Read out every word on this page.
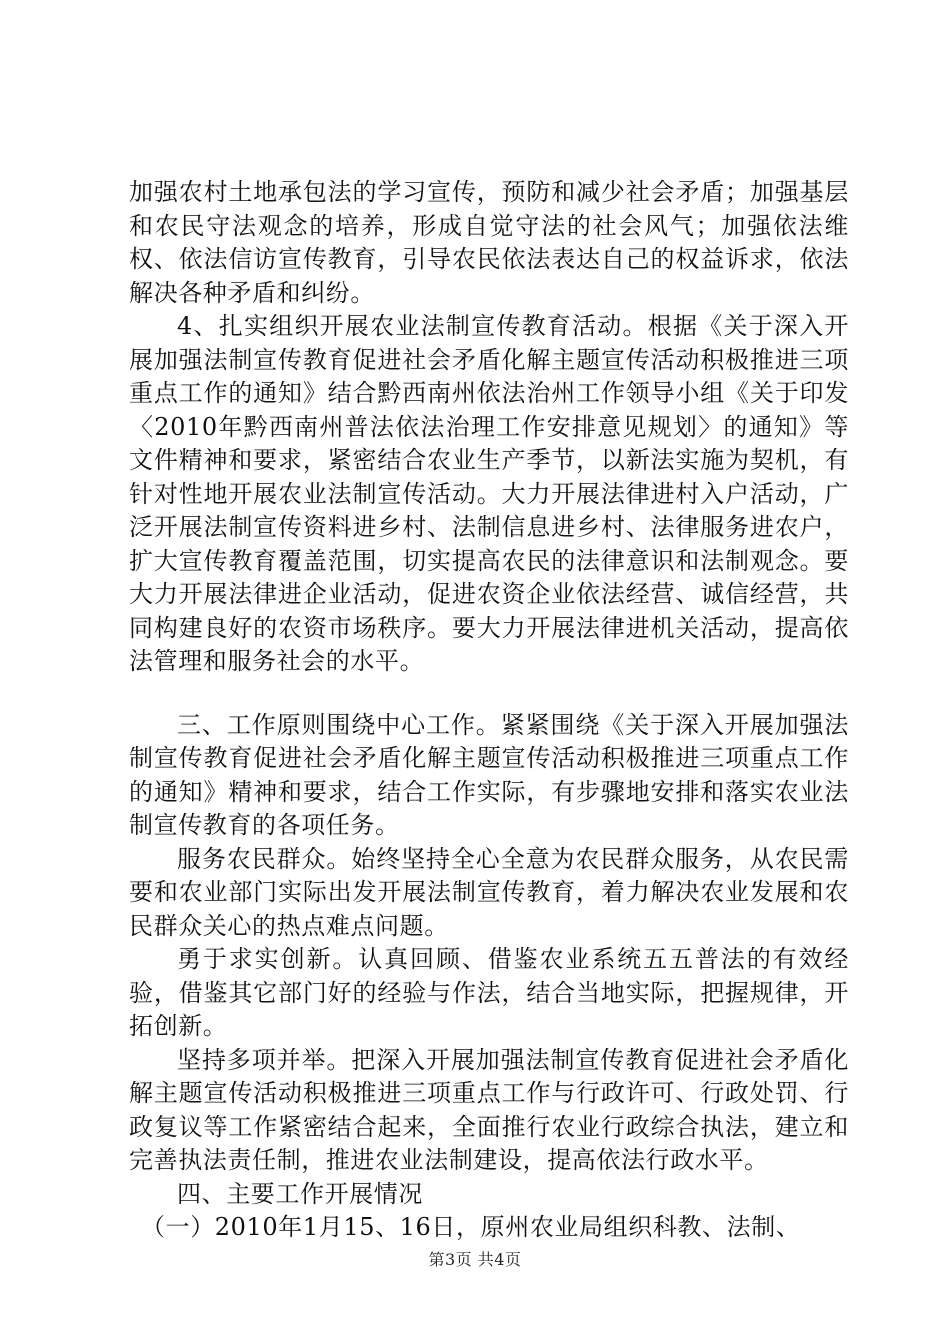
加强农村土地承包法的学习宣传，预防和减少社会矛盾；加强基层和农民守法观念的培养，形成自觉守法的社会风气；加强依法维权、依法信访宣传教育，引导农民依法表达自己的权益诉求，依法解决各种矛盾和纠纷。

4、扎实组织开展农业法制宣传教育活动。根据《关于深入开展加强法制宣传教育促进社会矛盾化解主题宣传活动积极推进三项重点工作的通知》结合黔西南州依法治州工作领导小组《关于印发〈2010年黔西南州普法依法治理工作安排意见规划〉的通知》等文件精神和要求，紧密结合农业生产季节，以新法实施为契机，有针对性地开展农业法制宣传活动。大力开展法律进村入户活动，广泛开展法制宣传资料进乡村、法制信息进乡村、法律服务进农户，扩大宣传教育覆盖范围，切实提高农民的法律意识和法制观念。要大力开展法律进企业活动，促进农资企业依法经营、诚信经营，共同构建良好的农资市场秩序。要大力开展法律进机关活动，提高依法管理和服务社会的水平。

三、工作原则围绕中心工作。紧紧围绕《关于深入开展加强法制宣传教育促进社会矛盾化解主题宣传活动积极推进三项重点工作的通知》精神和要求，结合工作实际，有步骤地安排和落实农业法制宣传教育的各项任务。

服务农民群众。始终坚持全心全意为农民群众服务，从农民需要和农业部门实际出发开展法制宣传教育，着力解决农业发展和农民群众关心的热点难点问题。

勇于求实创新。认真回顾、借鉴农业系统五五普法的有效经验，借鉴其它部门好的经验与作法，结合当地实际，把握规律，开拓创新。

坚持多项并举。把深入开展加强法制宣传教育促进社会矛盾化解主题宣传活动积极推进三项重点工作与行政许可、行政处罚、行政复议等工作紧密结合起来，全面推行农业行政综合执法，建立和完善执法责任制，推进农业法制建设，提高依法行政水平。

四、主要工作开展情况

（一）2010年1月15、16日，原州农业局组织科教、法制、

第3页 共4页
